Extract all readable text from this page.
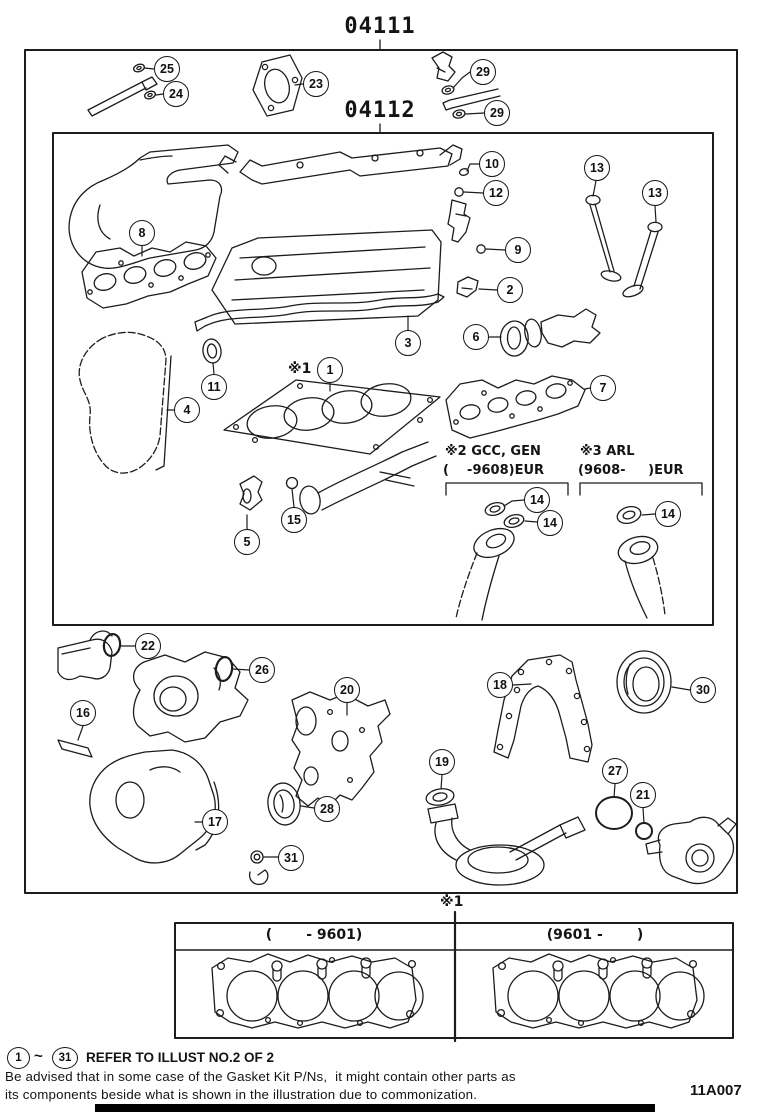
04111
04112
※2 GCC, GEN
(    -9608)EUR
※3 ARL
(9608-     )EUR
※1
※1
(       - 9601)	(9601 -       )
25
24
23
29
29
10
12
13
13
8
9
2
6
3
1
11
4
7
15
5
14
14
14
22
26
16
20
17
28
31
18	30
19
27
21
1 ~	31	REFER TO ILLUST NO.2 OF 2
Be advised that in some case of the Gasket Kit P/Ns,  it might contain other parts as
its components beside what is shown in the illustration due to commonization.	11A007
